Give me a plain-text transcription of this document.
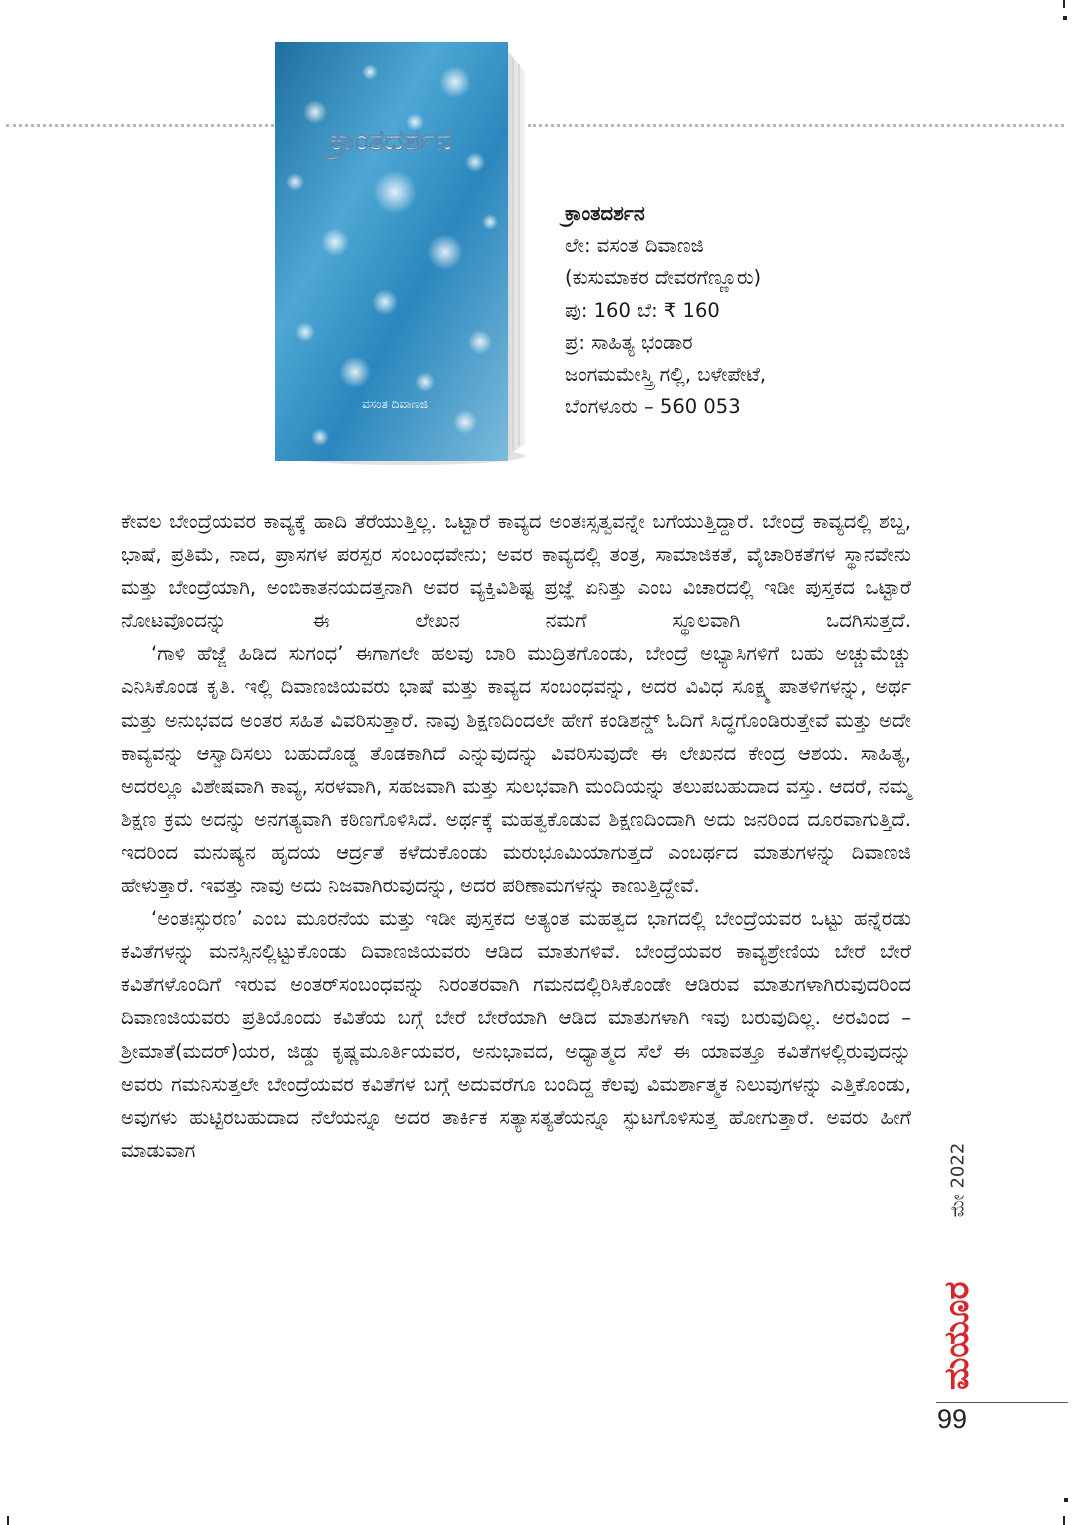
ಕ್ರಾಂತದರ್ಶನ
ವಸಂತ ದಿವಾಣಜಿ
ಕ್ರಾಂತದರ್ಶನ
ಲೇ: ವಸಂತ ದಿವಾಣಜಿ
(ಕುಸುಮಾಕರ ದೇವರಗೆಣ್ಣೂರು)
ಪು: 160 ಬೆ: ₹ 160
ಪ್ರ: ಸಾಹಿತ್ಯ ಭಂಡಾರ
ಜಂಗಮಮೇಸ್ತ್ರಿ ಗಲ್ಲಿ, ಬಳೇಪೇಟೆ,
ಬೆಂಗಳೂರು – 560 053

ಕೇವಲ ಬೇಂದ್ರೆಯವರ ಕಾವ್ಯಕ್ಕೆ ಹಾದಿ ತೆರೆಯುತ್ತಿಲ್ಲ. ಒಟ್ಟಾರೆ ಕಾವ್ಯದ ಅಂತಃಸ್ಸತ್ವವನ್ನೇ ಬಗೆಯುತ್ತಿದ್ದಾರೆ. ಬೇಂದ್ರೆ ಕಾವ್ಯದಲ್ಲಿ ಶಬ್ದ, ಭಾಷೆ, ಪ್ರತಿಮೆ, ನಾದ, ಪ್ರಾಸಗಳ ಪರಸ್ಪರ ಸಂಬಂಧವೇನು; ಅವರ ಕಾವ್ಯದಲ್ಲಿ ತಂತ್ರ, ಸಾಮಾಜಿಕತೆ, ವೈಚಾರಿಕತೆಗಳ ಸ್ಥಾನವೇನು ಮತ್ತು ಬೇಂದ್ರೆಯಾಗಿ, ಅಂಬಿಕಾತನಯದತ್ತನಾಗಿ ಅವರ ವ್ಯಕ್ತಿವಿಶಿಷ್ಟ ಪ್ರಜ್ಞೆ ಏನಿತ್ತು ಎಂಬ ವಿಚಾರದಲ್ಲಿ ಇಡೀ ಪುಸ್ತಕದ ಒಟ್ಟಾರೆ ನೋಟವೊಂದನ್ನು ಈ ಲೇಖನ ನಮಗೆ ಸ್ಥೂಲವಾಗಿ ಒದಗಿಸುತ್ತದೆ.

‘ಗಾಳಿ ಹೆಜ್ಜೆ ಹಿಡಿದ ಸುಗಂಧ’ ಈಗಾಗಲೇ ಹಲವು ಬಾರಿ ಮುದ್ರಿತಗೊಂಡು, ಬೇಂದ್ರೆ ಅಭ್ಯಾಸಿಗಳಿಗೆ ಬಹು ಅಚ್ಚುಮೆಚ್ಚು ಎನಿಸಿಕೊಂಡ ಕೃತಿ. ಇಲ್ಲಿ ದಿವಾಣಜಿಯವರು ಭಾಷೆ ಮತ್ತು ಕಾವ್ಯದ ಸಂಬಂಧವನ್ನು, ಅದರ ವಿವಿಧ ಸೂಕ್ಷ್ಮ ಪಾತಳಿಗಳನ್ನು, ಅರ್ಥ ಮತ್ತು ಅನುಭವದ ಅಂತರ ಸಹಿತ ವಿವರಿಸುತ್ತಾರೆ. ನಾವು ಶಿಕ್ಷಣದಿಂದಲೇ ಹೇಗೆ ಕಂಡಿಶನ್ಡ್ ಓದಿಗೆ ಸಿದ್ಧಗೊಂಡಿರುತ್ತೇವೆ ಮತ್ತು ಅದೇ ಕಾವ್ಯವನ್ನು ಆಸ್ವಾದಿಸಲು ಬಹುದೊಡ್ಡ ತೊಡಕಾಗಿದೆ ಎನ್ನುವುದನ್ನು ವಿವರಿಸುವುದೇ ಈ ಲೇಖನದ ಕೇಂದ್ರ ಆಶಯ. ಸಾಹಿತ್ಯ, ಅದರಲ್ಲೂ ವಿಶೇಷವಾಗಿ ಕಾವ್ಯ, ಸರಳವಾಗಿ, ಸಹಜವಾಗಿ ಮತ್ತು ಸುಲಭವಾಗಿ ಮಂದಿಯನ್ನು ತಲುಪಬಹುದಾದ ವಸ್ತು. ಆದರೆ, ನಮ್ಮ ಶಿಕ್ಷಣ ಕ್ರಮ ಅದನ್ನು ಅನಗತ್ಯವಾಗಿ ಕಠಿಣಗೊಳಿಸಿದೆ. ಅರ್ಥಕ್ಕೆ ಮಹತ್ವಕೊಡುವ ಶಿಕ್ಷಣದಿಂದಾಗಿ ಅದು ಜನರಿಂದ ದೂರವಾಗುತ್ತಿದೆ. ಇದರಿಂದ ಮನುಷ್ಯನ ಹೃದಯ ಆರ್ದ್ರತೆ ಕಳೆದುಕೊಂಡು ಮರುಭೂಮಿಯಾಗುತ್ತದೆ ಎಂಬರ್ಥದ ಮಾತುಗಳನ್ನು ದಿವಾಣಜಿ ಹೇಳುತ್ತಾರೆ. ಇವತ್ತು ನಾವು ಅದು ನಿಜವಾಗಿರುವುದನ್ನು, ಅದರ ಪರಿಣಾಮಗಳನ್ನು ಕಾಣುತ್ತಿದ್ದೇವೆ.

‘ಅಂತಃಸ್ಫುರಣ’ ಎಂಬ ಮೂರನೆಯ ಮತ್ತು ಇಡೀ ಪುಸ್ತಕದ ಅತ್ಯಂತ ಮಹತ್ವದ ಭಾಗದಲ್ಲಿ ಬೇಂದ್ರೆಯವರ ಒಟ್ಟು ಹನ್ನೆರಡು ಕವಿತೆಗಳನ್ನು ಮನಸ್ಸಿನಲ್ಲಿಟ್ಟುಕೊಂಡು ದಿವಾಣಜಿಯವರು ಆಡಿದ ಮಾತುಗಳಿವೆ. ಬೇಂದ್ರೆಯವರ ಕಾವ್ಯಶ್ರೇಣಿಯ ಬೇರೆ ಬೇರೆ ಕವಿತೆಗಳೊಂದಿಗೆ ಇರುವ ಅಂತರ್‌ಸಂಬಂಧವನ್ನು ನಿರಂತರವಾಗಿ ಗಮನದಲ್ಲಿರಿಸಿಕೊಂಡೇ ಆಡಿರುವ ಮಾತುಗಳಾಗಿರುವುದರಿಂದ ದಿವಾಣಜಿಯವರು ಪ್ರತಿಯೊಂದು ಕವಿತೆಯ ಬಗ್ಗೆ ಬೇರೆ ಬೇರೆಯಾಗಿ ಆಡಿದ ಮಾತುಗಳಾಗಿ ಇವು ಬರುವುದಿಲ್ಲ. ಅರವಿಂದ – ಶ್ರೀಮಾತೆ(ಮದರ್)ಯರ, ಜಿಡ್ಡು ಕೃಷ್ಣಮೂರ್ತಿಯವರ, ಅನುಭಾವದ, ಅಧ್ಯಾತ್ಮದ ಸೆಲೆ ಈ ಯಾವತ್ತೂ ಕವಿತೆಗಳಲ್ಲಿರುವುದನ್ನು ಅವರು ಗಮನಿಸುತ್ತಲೇ ಬೇಂದ್ರೆಯವರ ಕವಿತೆಗಳ ಬಗ್ಗೆ ಅದುವರೆಗೂ ಬಂದಿದ್ದ ಕೆಲವು ವಿಮರ್ಶಾತ್ಮಕ ನಿಲುವುಗಳನ್ನು ಎತ್ತಿಕೊಂಡು, ಅವುಗಳು ಹುಟ್ಟಿರಬಹುದಾದ ನೆಲೆಯನ್ನೂ ಅದರ ತಾರ್ಕಿಕ ಸತ್ಯಾಸತ್ಯತೆಯನ್ನೂ ಸ್ಫುಟಗೊಳಿಸುತ್ತ ಹೋಗುತ್ತಾರೆ. ಅವರು ಹೀಗೆ ಮಾಡುವಾಗ	ಮೇ 2022
ಮಯೂರ
99
